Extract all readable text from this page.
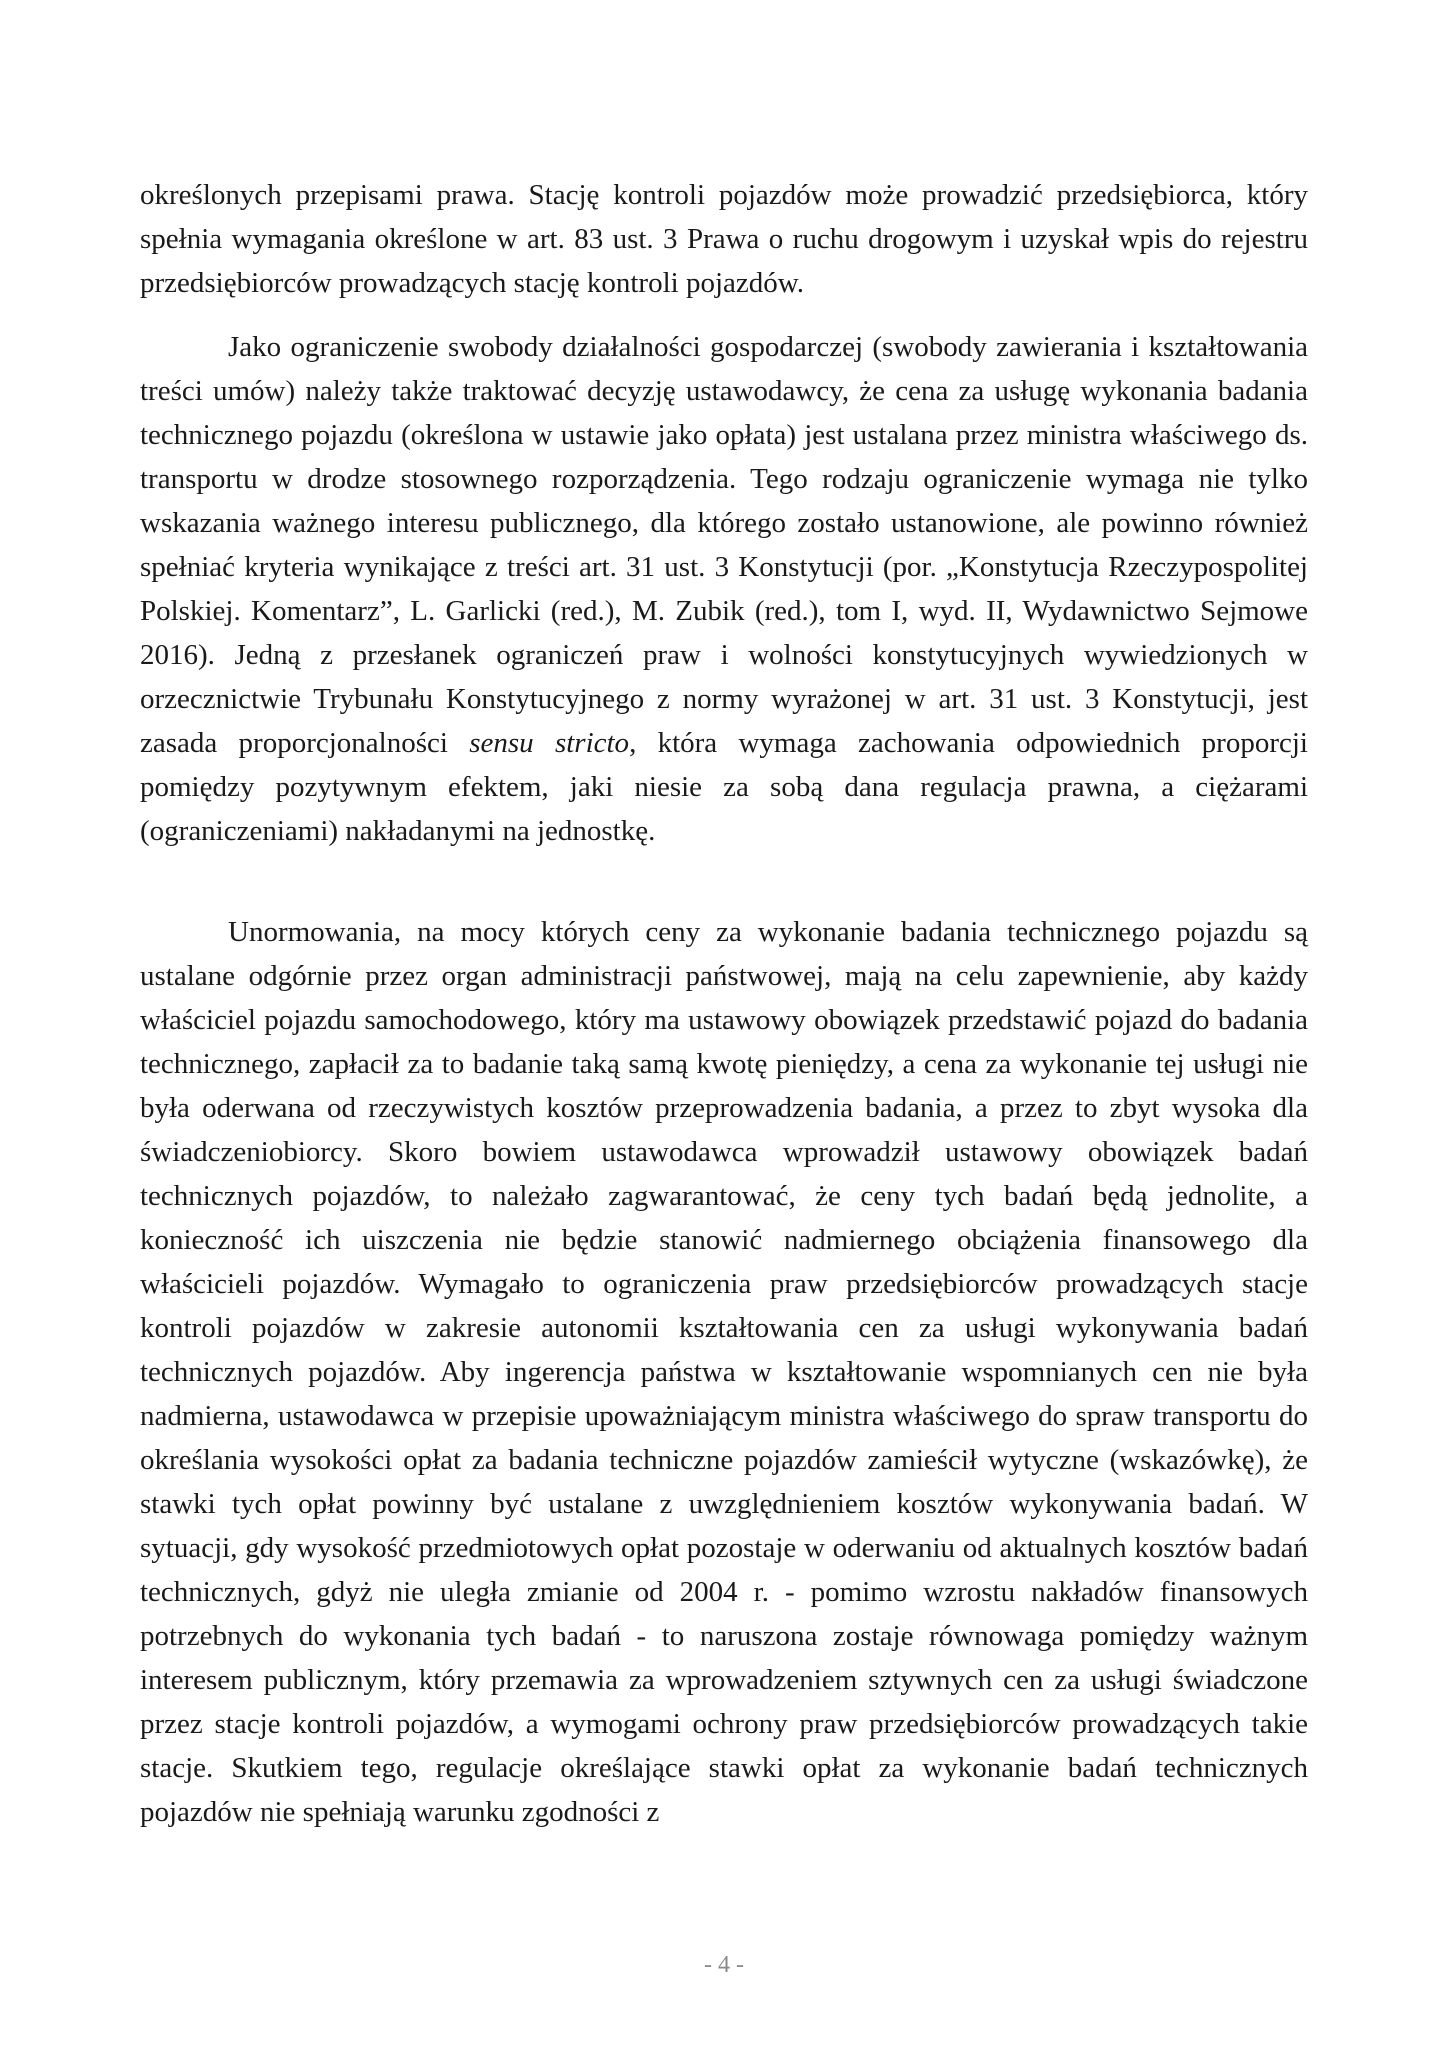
określonych przepisami prawa. Stację kontroli pojazdów może prowadzić przedsiębiorca, który spełnia wymagania określone w art. 83 ust. 3 Prawa o ruchu drogowym i uzyskał wpis do rejestru przedsiębiorców prowadzących stację kontroli pojazdów.

Jako ograniczenie swobody działalności gospodarczej (swobody zawierania i kształtowania treści umów) należy także traktować decyzję ustawodawcy, że cena za usługę wykonania badania technicznego pojazdu (określona w ustawie jako opłata) jest ustalana przez ministra właściwego ds. transportu w drodze stosownego rozporządzenia. Tego rodzaju ograniczenie wymaga nie tylko wskazania ważnego interesu publicznego, dla którego zostało ustanowione, ale powinno również spełniać kryteria wynikające z treści art. 31 ust. 3 Konstytucji (por. „Konstytucja Rzeczypospolitej Polskiej. Komentarz”, L. Garlicki (red.), M. Zubik (red.), tom I, wyd. II, Wydawnictwo Sejmowe 2016). Jedną z przesłanek ograniczeń praw i wolności konstytucyjnych wywiedzionych w orzecznictwie Trybunału Konstytucyjnego z normy wyrażonej w art. 31 ust. 3 Konstytucji, jest zasada proporcjonalności sensu stricto, która wymaga zachowania odpowiednich proporcji pomiędzy pozytywnym efektem, jaki niesie za sobą dana regulacja prawna, a ciężarami (ograniczeniami) nakładanymi na jednostkę.

Unormowania, na mocy których ceny za wykonanie badania technicznego pojazdu są ustalane odgórnie przez organ administracji państwowej, mają na celu zapewnienie, aby każdy właściciel pojazdu samochodowego, który ma ustawowy obowiązek przedstawić pojazd do badania technicznego, zapłacił za to badanie taką samą kwotę pieniędzy, a cena za wykonanie tej usługi nie była oderwana od rzeczywistych kosztów przeprowadzenia badania, a przez to zbyt wysoka dla świadczeniobiorcy. Skoro bowiem ustawodawca wprowadził ustawowy obowiązek badań technicznych pojazdów, to należało zagwarantować, że ceny tych badań będą jednolite, a konieczność ich uiszczenia nie będzie stanowić nadmiernego obciążenia finansowego dla właścicieli pojazdów. Wymagało to ograniczenia praw przedsiębiorców prowadzących stacje kontroli pojazdów w zakresie autonomii kształtowania cen za usługi wykonywania badań technicznych pojazdów. Aby ingerencja państwa w kształtowanie wspomnianych cen nie była nadmierna, ustawodawca w przepisie upoważniającym ministra właściwego do spraw transportu do określania wysokości opłat za badania techniczne pojazdów zamieścił wytyczne (wskazówkę), że stawki tych opłat powinny być ustalane z uwzględnieniem kosztów wykonywania badań. W sytuacji, gdy wysokość przedmiotowych opłat pozostaje w oderwaniu od aktualnych kosztów badań technicznych, gdyż nie uległa zmianie od 2004 r. - pomimo wzrostu nakładów finansowych potrzebnych do wykonania tych badań - to naruszona zostaje równowaga pomiędzy ważnym interesem publicznym, który przemawia za wprowadzeniem sztywnych cen za usługi świadczone przez stacje kontroli pojazdów, a wymogami ochrony praw przedsiębiorców prowadzących takie stacje. Skutkiem tego, regulacje określające stawki opłat za wykonanie badań technicznych pojazdów nie spełniają warunku zgodności z

- 4 -
